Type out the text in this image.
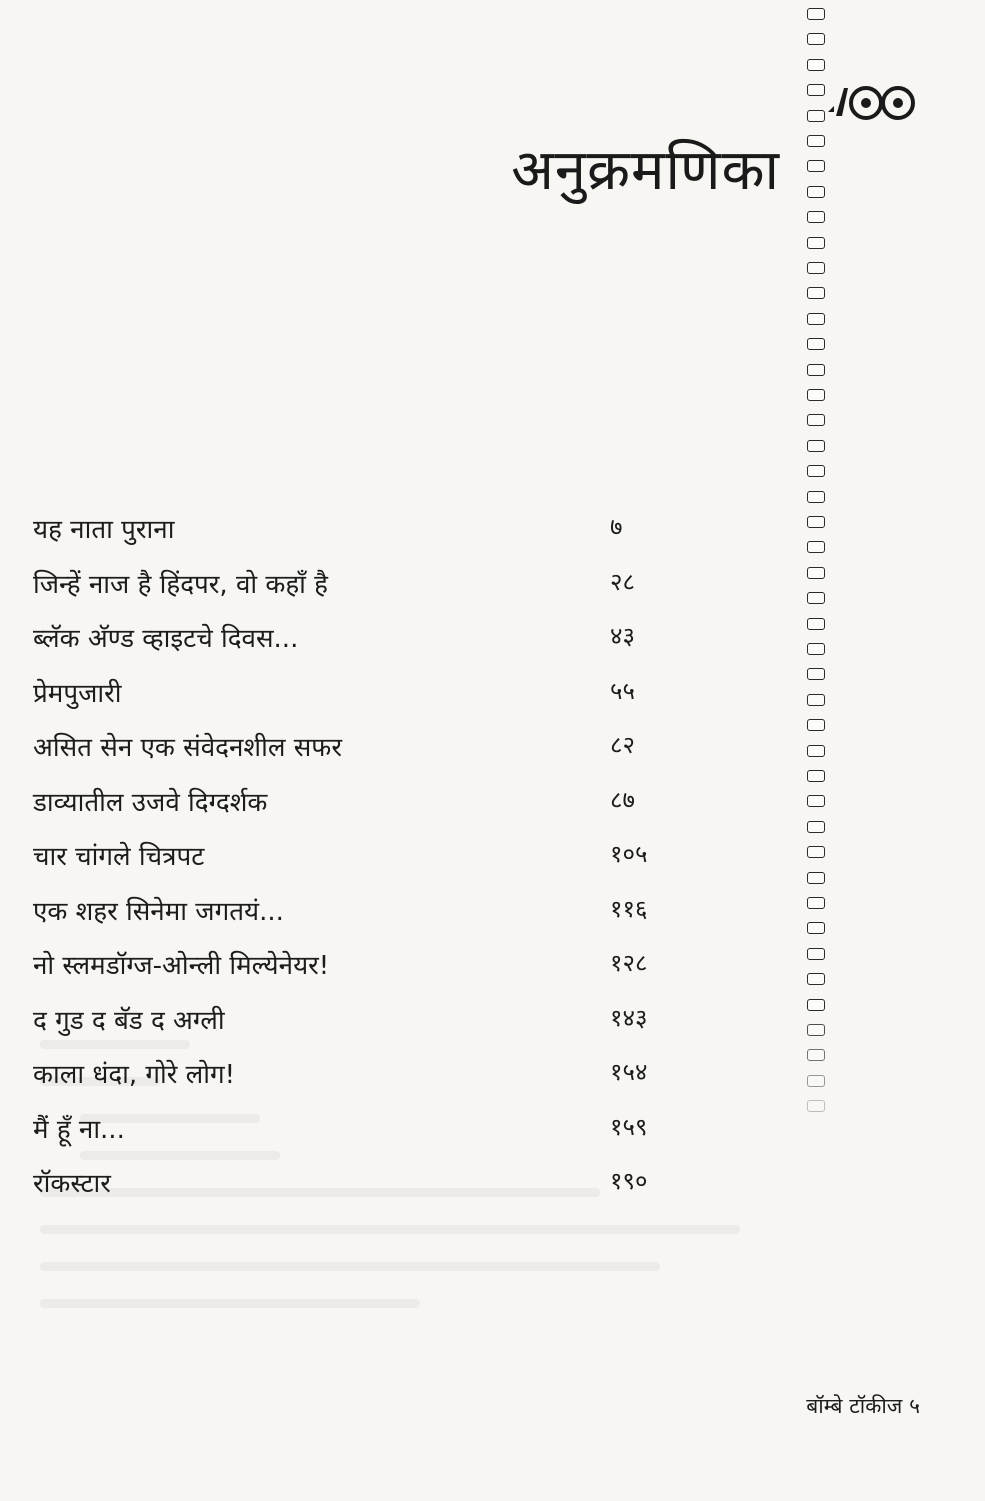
अनुक्रमणिका
यह नाता पुराना	७
जिन्हें नाज है हिंदपर, वो कहाँ है	२८
ब्लॅक अ‍ॅण्ड व्हाइटचे दिवस...	४३
प्रेमपुजारी	५५
असित सेन एक संवेदनशील सफर	८२
डाव्यातील उजवे दिग्दर्शक	८७
चार चांगले चित्रपट	१०५
एक शहर सिनेमा जगतयं...	११६
नो स्लमडॉग्ज-ओन्ली मिल्येनेयर!	१२८
द गुड द बॅड द अग्ली	१४३
काला धंदा, गोरे लोग!	१५४
मैं हूँ ना...	१५९
रॉकस्टार	१९०
बॉम्बे टॉकीज ५
